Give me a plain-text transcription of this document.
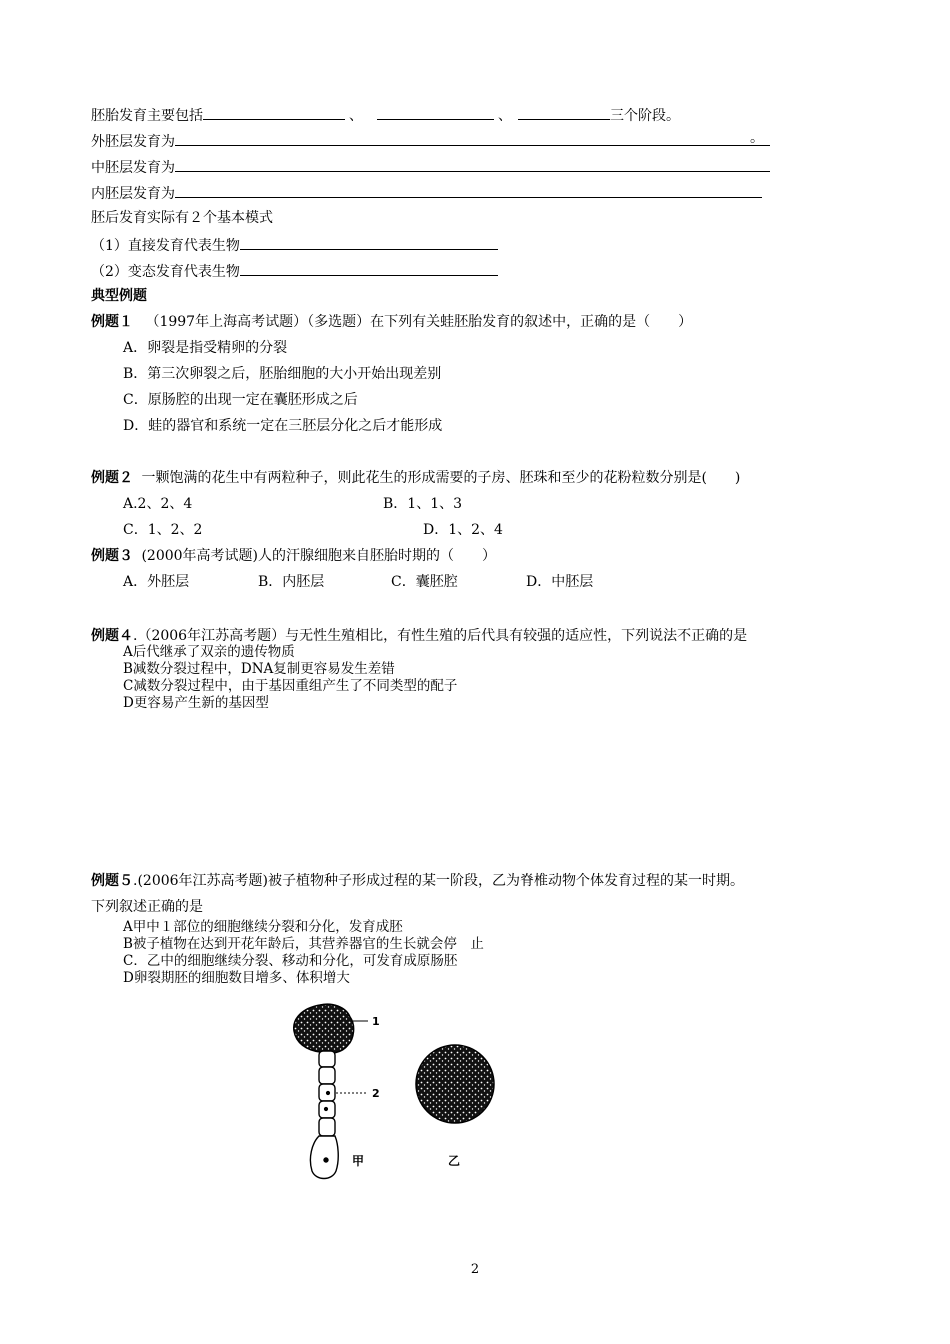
胚胎发育主要包括	、	、	三个阶段。
外胚层发育为	。
中胚层发育为
内胚层发育为
胚后发育实际有２个基本模式
（1）直接发育代表生物
（2）变态发育代表生物
典型例题
例题１ （1997年上海高考试题）（多选题）在下列有关蛙胚胎发育的叙述中，正确的是（　　）
A．卵裂是指受精卵的分裂
B．第三次卵裂之后，胚胎细胞的大小开始出现差别
C．原肠腔的出现一定在囊胚形成之后
D．蛙的器官和系统一定在三胚层分化之后才能形成
例题２ 一颗饱满的花生中有两粒种子，则此花生的形成需要的子房、胚珠和至少的花粉粒数分别是(　　)
A.2、2、4	B．1、1、3
C．1、2、2	D．1、2、4
例题３ (2000年高考试题)人的汗腺细胞来自胚胎时期的（　　）
A．外胚层	B．内胚层	C．囊胚腔	D．中胚层
例题４.（2006年江苏高考题）与无性生殖相比，有性生殖的后代具有较强的适应性，下列说法不正确的是
A后代继承了双亲的遗传物质
B减数分裂过程中，DNA复制更容易发生差错
C减数分裂过程中，由于基因重组产生了不同类型的配子
D更容易产生新的基因型
例题５.(2006年江苏高考题)被子植物种子形成过程的某一阶段，乙为脊椎动物个体发育过程的某一时期。
下列叙述正确的是
A甲中１部位的细胞继续分裂和分化，发育成胚
B被子植物在达到开花年龄后，其营养器官的生长就会停　止
C．乙中的细胞继续分裂、移动和分化，可发育成原肠胚
D卵裂期胚的细胞数目增多、体积增大
1
2
甲	乙
2
